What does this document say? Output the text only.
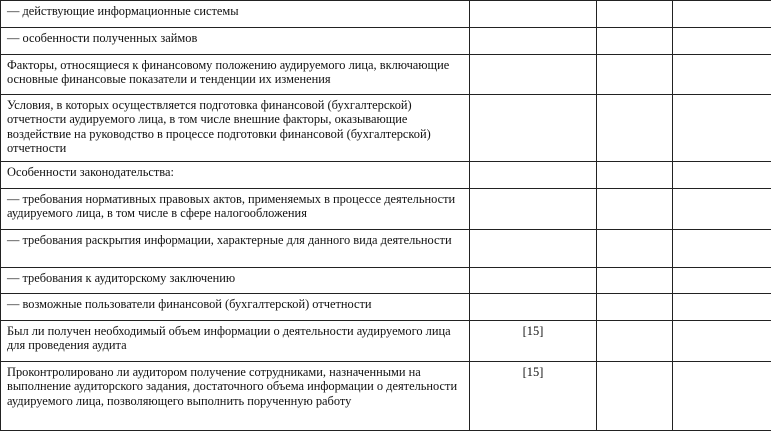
— действующие информационные системы			
— особенности полученных займов			
Факторы, относящиеся к финансовому положению аудируемого лица, включающие основные финансовые показатели и тенденции их изменения			
Условия, в которых осуществляется подготовка финансовой (бухгалтерской) отчетности аудируемого лица, в том числе внешние факторы, оказывающие воздействие на руководство в процессе подготовки финансовой (бухгалтерской) отчетности			
Особенности законодательства:			
— требования нормативных правовых актов, применяемых в процессе деятельности аудируемого лица, в том числе в сфере налогообложения			
— требования раскрытия информации, характерные для данного вида деятельности			
— требования к аудиторскому заключению			
— возможные пользователи финансовой (бухгалтерской) отчетности			
Был ли получен необходимый объем информации о деятельности аудируемого лица для проведения аудита	[15]		
Проконтролировано ли аудитором получение сотрудниками, назначенными на выполнение аудиторского задания, достаточного объема информации о деятельности аудируемого лица, позволяющего выполнить порученную работу	[15]		
